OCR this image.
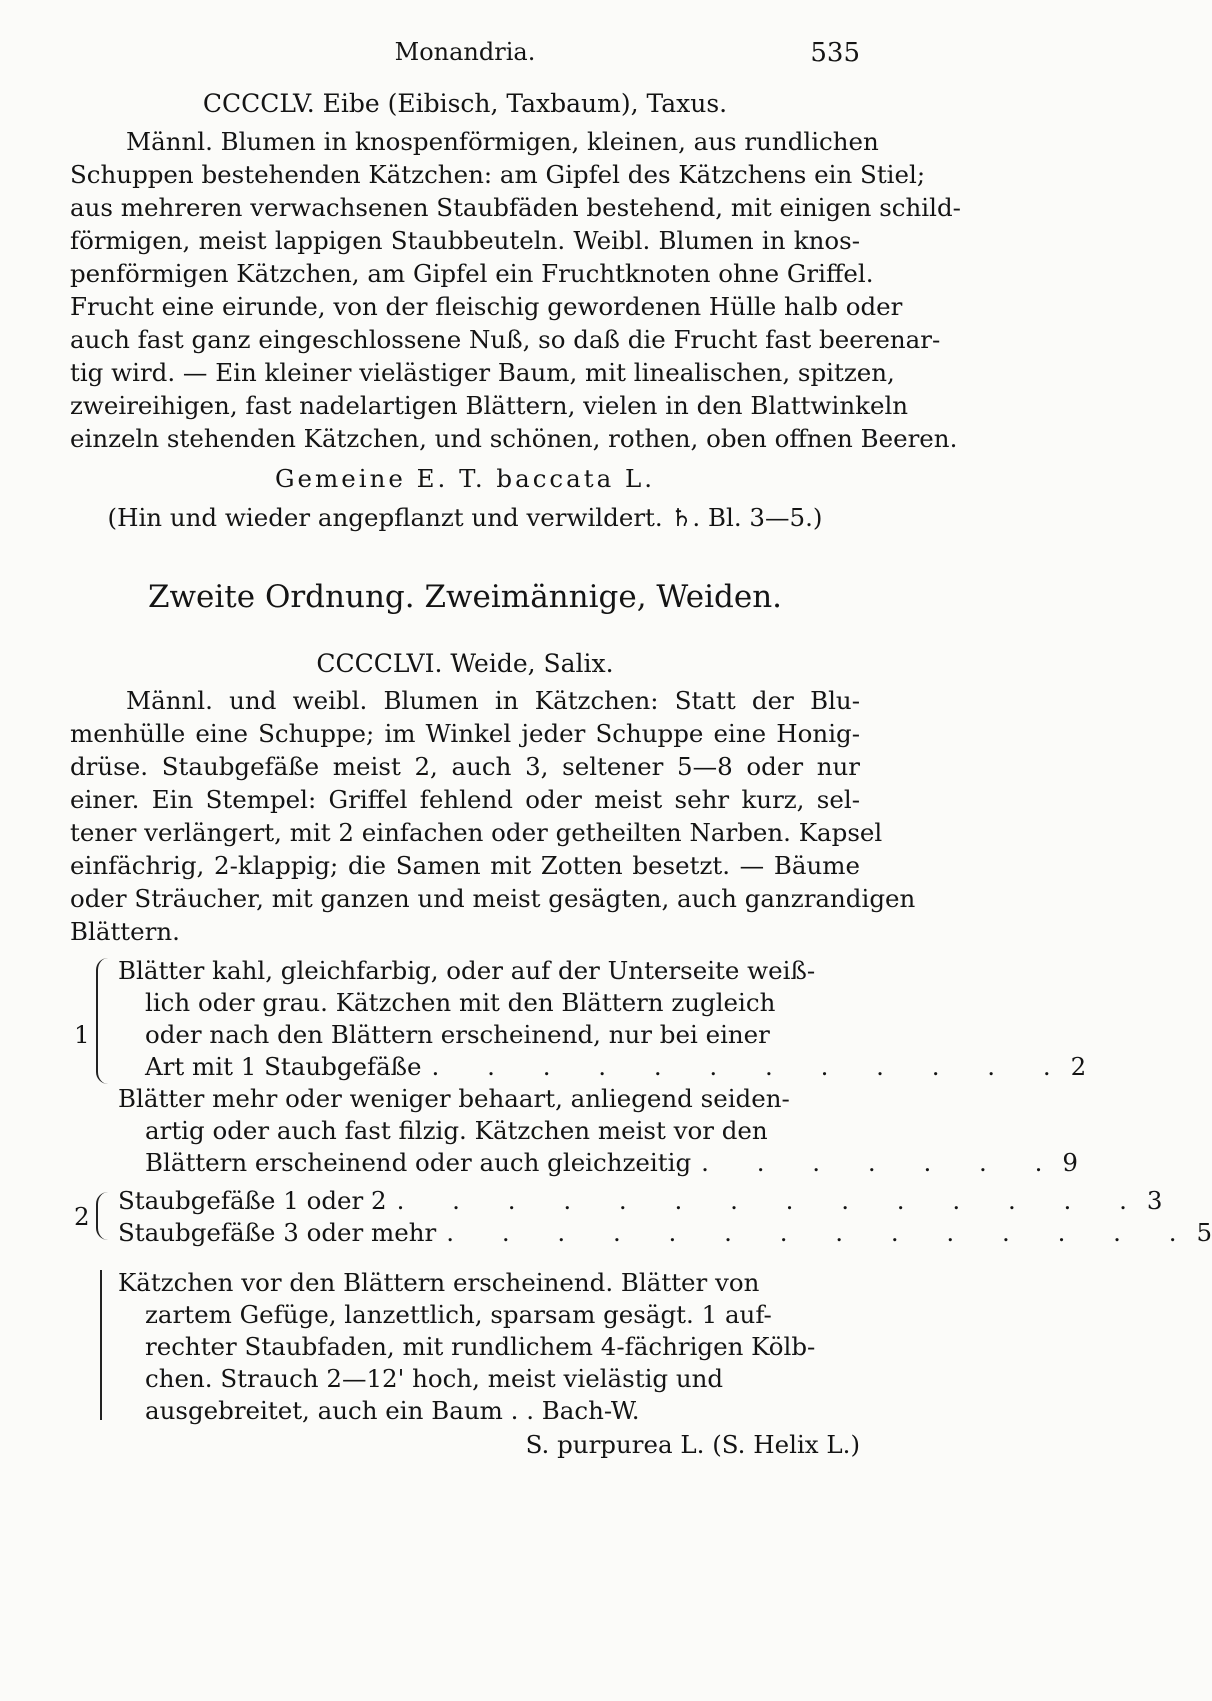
Monandria.	535
CCCCLV. Eibe (Eibisch, Taxbaum), Taxus.
Männl. Blumen in knospenförmigen, kleinen, aus rundlichen
Schuppen bestehenden Kätzchen: am Gipfel des Kätzchens ein Stiel;
aus mehreren verwachsenen Staubfäden bestehend, mit einigen schild-
förmigen, meist lappigen Staubbeuteln. Weibl. Blumen in knos-
penförmigen Kätzchen, am Gipfel ein Fruchtknoten ohne Griffel.
Frucht eine eirunde, von der fleischig gewordenen Hülle halb oder
auch fast ganz eingeschlossene Nuß, so daß die Frucht fast beerenar-
tig wird. — Ein kleiner vielästiger Baum, mit linealischen, spitzen,
zweireihigen, fast nadelartigen Blättern, vielen in den Blattwinkeln
einzeln stehenden Kätzchen, und schönen, rothen, oben offnen Beeren.
Gemeine E. T. baccata L.
(Hin und wieder angepflanzt und verwildert. ♄. Bl. 3—5.)
Zweite Ordnung. Zweimännige, Weiden.
CCCCLVI. Weide, Salix.
Männl. und weibl. Blumen in Kätzchen: Statt der Blu-
menhülle eine Schuppe; im Winkel jeder Schuppe eine Honig-
drüse. Staubgefäße meist 2, auch 3, seltener 5—8 oder nur
einer. Ein Stempel: Griffel fehlend oder meist sehr kurz, sel-
tener verlängert, mit 2 einfachen oder getheilten Narben. Kapsel
einfächrig, 2-klappig; die Samen mit Zotten besetzt. — Bäume
oder Sträucher, mit ganzen und meist gesägten, auch ganzrandigen
Blättern.
1
Blätter kahl, gleichfarbig, oder auf der Unterseite weiß-
lich oder grau. Kätzchen mit den Blättern zugleich
oder nach den Blättern erscheinend, nur bei einer
Art mit 1 Staubgefäße . . . . . . . . . . . . 2
Blätter mehr oder weniger behaart, anliegend seiden-
artig oder auch fast filzig. Kätzchen meist vor den
Blättern erscheinend oder auch gleichzeitig . . . . . . . 9
2
Staubgefäße 1 oder 2 . . . . . . . . . . . . . . 3
Staubgefäße 3 oder mehr . . . . . . . . . . . . . . 5
Kätzchen vor den Blättern erscheinend. Blätter von
zartem Gefüge, lanzettlich, sparsam gesägt. 1 auf-
rechter Staubfaden, mit rundlichem 4-fächrigen Kölb-
chen. Strauch 2—12' hoch, meist vielästig und
ausgebreitet, auch ein Baum . . Bach-W.
S. purpurea L. (S. Helix L.)
